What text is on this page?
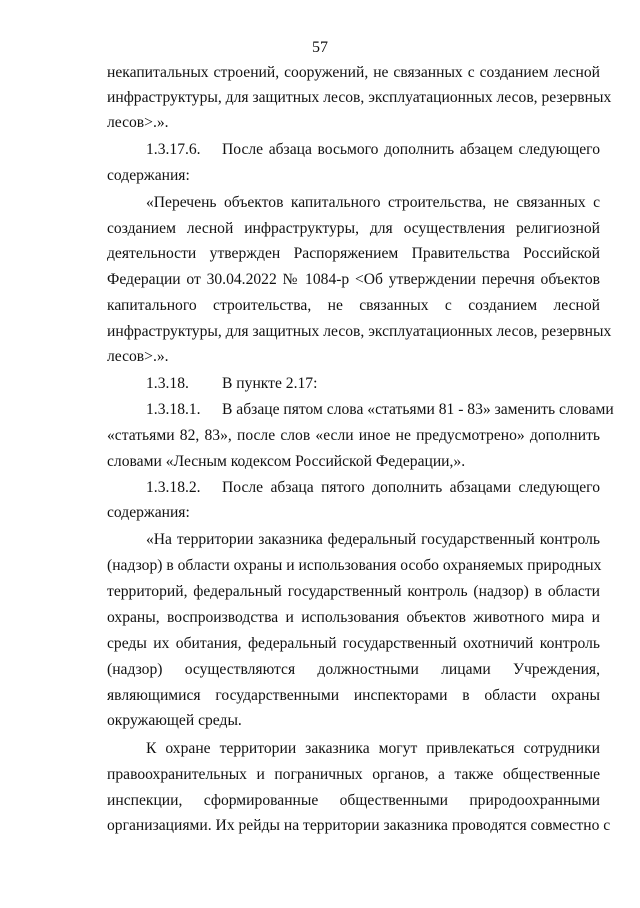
57
некапитальных строений, сооружений, не связанных с созданием лесной
инфраструктуры, для защитных лесов, эксплуатационных лесов, резервных
лесов>.».
1.3.17.6.	После абзаца восьмого дополнить абзацем следующего
содержания:
«Перечень объектов капитального строительства, не связанных с
созданием лесной инфраструктуры, для осуществления религиозной
деятельности утвержден Распоряжением Правительства Российской
Федерации от 30.04.2022 № 1084-р <Об утверждении перечня объектов
капитального строительства, не связанных с созданием лесной
инфраструктуры, для защитных лесов, эксплуатационных лесов, резервных
лесов>.».
1.3.18. В пункте 2.17:
1.3.18.1.	В абзаце пятом слова «статьями 81 - 83» заменить словами
«статьями 82, 83», после слов «если иное не предусмотрено» дополнить
словами «Лесным кодексом Российской Федерации,».
1.3.18.2.	После абзаца пятого дополнить абзацами следующего
содержания:
«На территории заказника федеральный государственный контроль
(надзор) в области охраны и использования особо охраняемых природных
территорий, федеральный государственный контроль (надзор) в области
охраны, воспроизводства и использования объектов животного мира и
среды их обитания, федеральный государственный охотничий контроль
(надзор) осуществляются должностными лицами Учреждения,
являющимися государственными инспекторами в области охраны
окружающей среды.
К охране территории заказника могут привлекаться сотрудники
правоохранительных и пограничных органов, а также общественные
инспекции, сформированные общественными природоохранными
организациями. Их рейды на территории заказника проводятся совместно с
